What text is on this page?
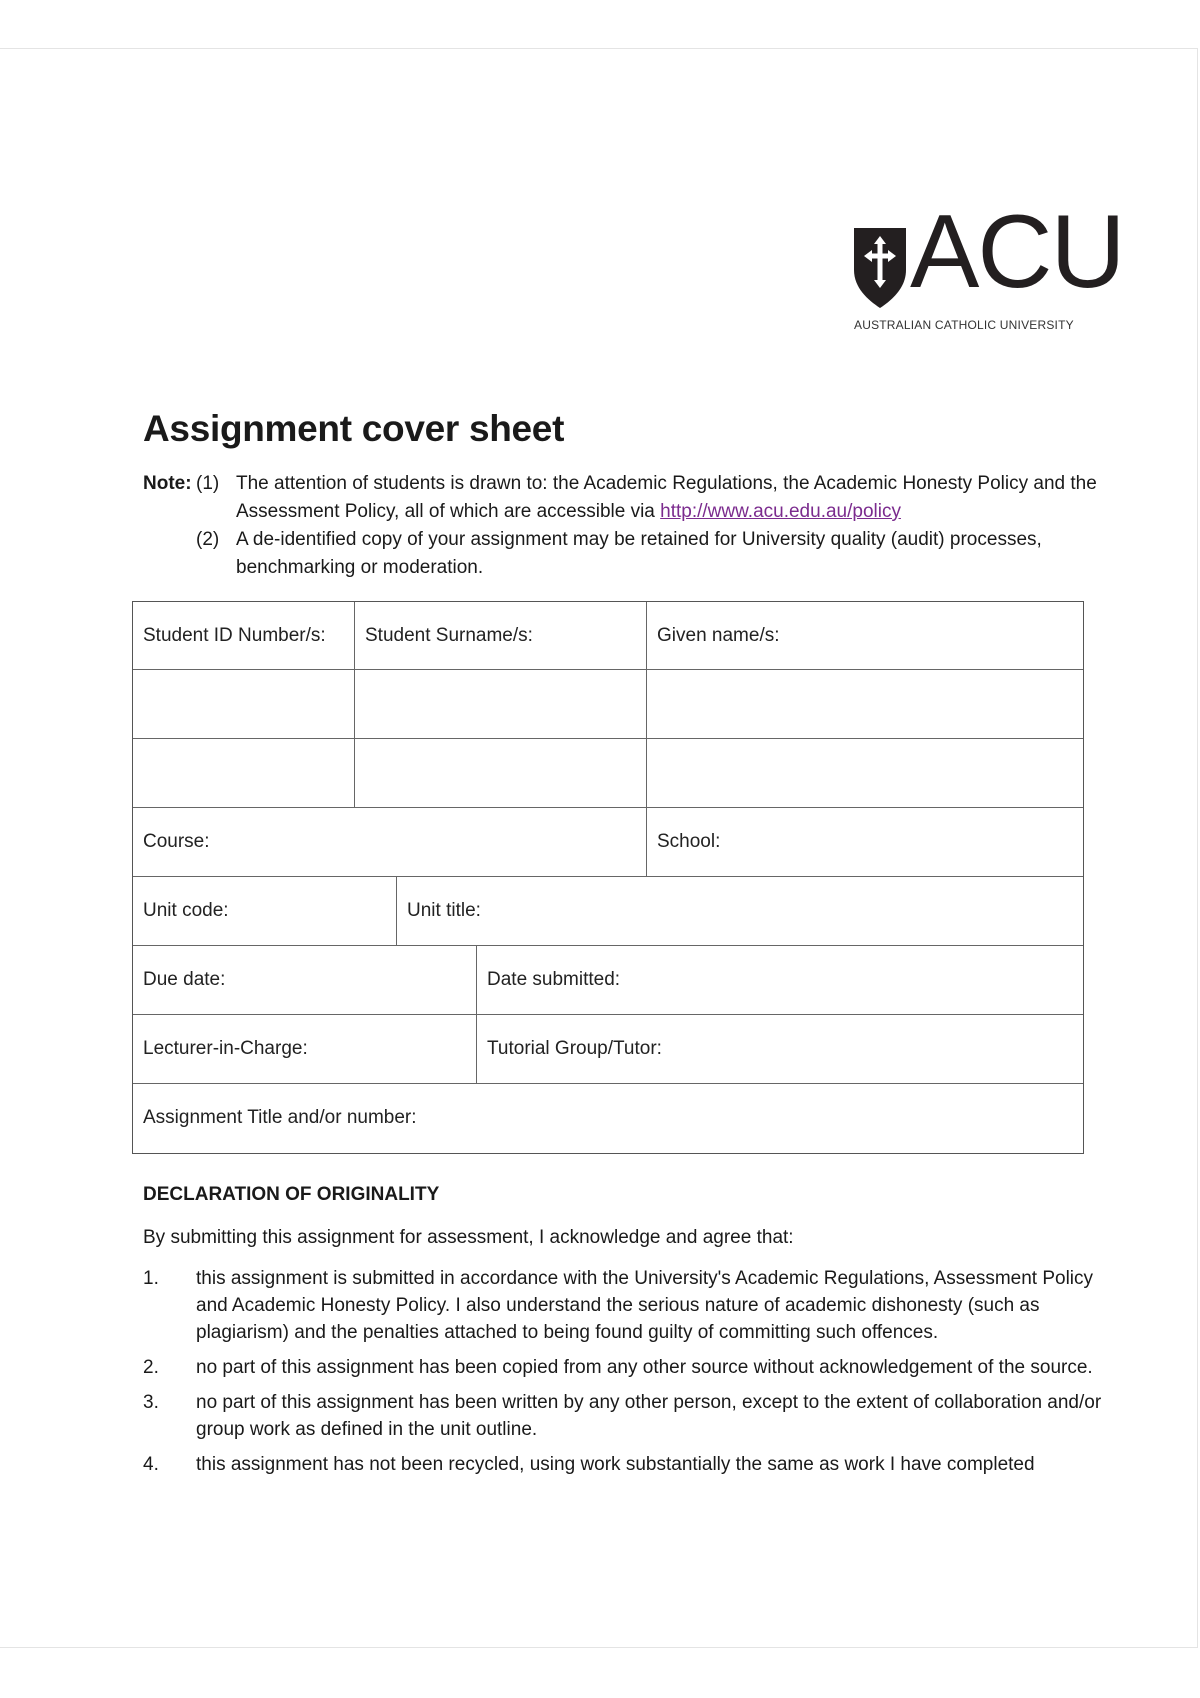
ACU
AUSTRALIAN CATHOLIC UNIVERSITY
Assignment cover sheet
Note: (1) The attention of students is drawn to: the Academic Regulations, the Academic Honesty Policy and the Assessment Policy, all of which are accessible via http://www.acu.edu.au/policy
(2) A de-identified copy of your assignment may be retained for University quality (audit) processes, benchmarking or moderation.
Student ID Number/s:	Student Surname/s:	Given name/s:
Course:	School:
Unit code:	Unit title:
Due date:	Date submitted:
Lecturer-in-Charge:	Tutorial Group/Tutor:
Assignment Title and/or number:
DECLARATION OF ORIGINALITY
By submitting this assignment for assessment, I acknowledge and agree that:
1. this assignment is submitted in accordance with the University's Academic Regulations, Assessment Policy and Academic Honesty Policy. I also understand the serious nature of academic dishonesty (such as plagiarism) and the penalties attached to being found guilty of committing such offences.
2. no part of this assignment has been copied from any other source without acknowledgement of the source.
3. no part of this assignment has been written by any other person, except to the extent of collaboration and/or group work as defined in the unit outline.
4. this assignment has not been recycled, using work substantially the same as work I have completed
